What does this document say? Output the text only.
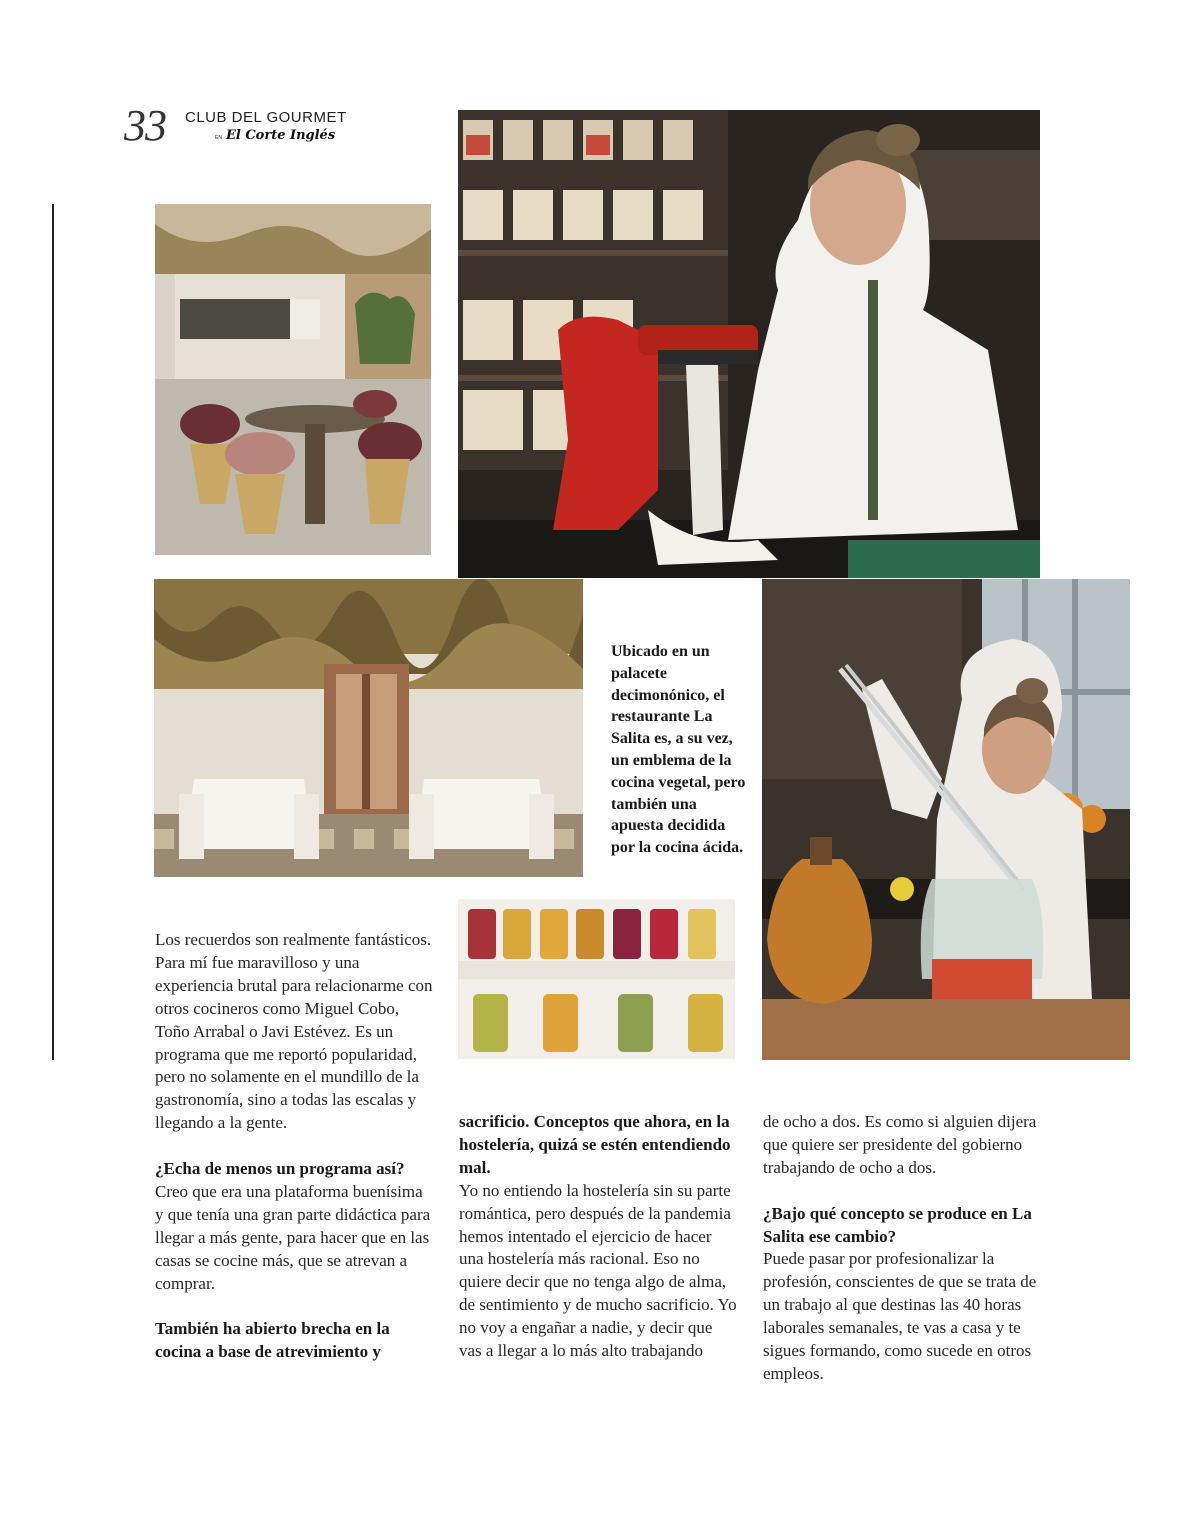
33 CLUB DEL GOURMET
EN El Corte Inglés
Ubicado en un palacete decimonónico, el restaurante La Salita es, a su vez, un emblema de la cocina vegetal, pero también una apuesta decidida por la cocina ácida.

Los recuerdos son realmente fantásticos. Para mí fue maravilloso y una experiencia brutal para relacionarme con otros cocineros como Miguel Cobo, Toño Arrabal o Javi Estévez. Es un programa que me reportó popularidad, pero no solamente en el mundillo de la gastronomía, sino a todas las escalas y llegando a la gente.

¿Echa de menos un programa así?

Creo que era una plataforma buenísima y que tenía una gran parte didáctica para llegar a más gente, para hacer que en las casas se cocine más, que se atrevan a comprar.

También ha abierto brecha en la cocina a base de atrevimiento y

sacrificio. Conceptos que ahora, en la hostelería, quizá se estén entendiendo mal.

Yo no entiendo la hostelería sin su parte romántica, pero después de la pandemia hemos intentado el ejercicio de hacer una hostelería más racional. Eso no quiere decir que no tenga algo de alma, de sentimiento y de mucho sacrificio. Yo no voy a engañar a nadie, y decir que vas a llegar a lo más alto trabajando

de ocho a dos. Es como si alguien dijera que quiere ser presidente del gobierno trabajando de ocho a dos.

¿Bajo qué concepto se produce en La Salita ese cambio?

Puede pasar por profesionalizar la profesión, conscientes de que se trata de un trabajo al que destinas las 40 horas laborales semanales, te vas a casa y te sigues formando, como sucede en otros empleos.
